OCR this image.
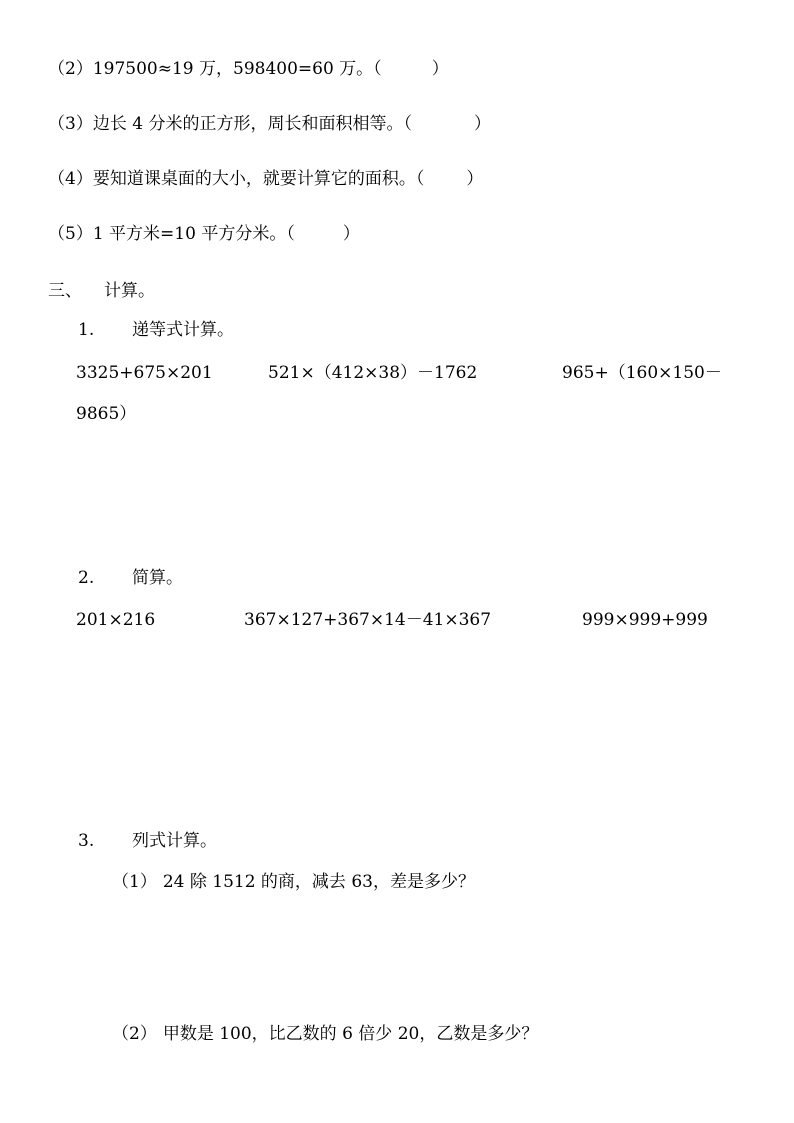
（2）197500≈19 万，598400=60 万。（	）
（3）边长 4 分米的正方形，周长和面积相等。（	）
（4）要知道课桌面的大小，就要计算它的面积。（ ）
（5）1 平方米=10 平方分米。（	）
三、 计算。
1. 递等式计算。
3325+675×201	521×（412×38）－1762	965+（160×150－
9865）
2. 简算。
201×216	367×127+367×14－41×367	999×999+999
3. 列式计算。
（1） 24 除 1512 的商，减去 63，差是多少？
（2） 甲数是 100，比乙数的 6 倍少 20，乙数是多少？
